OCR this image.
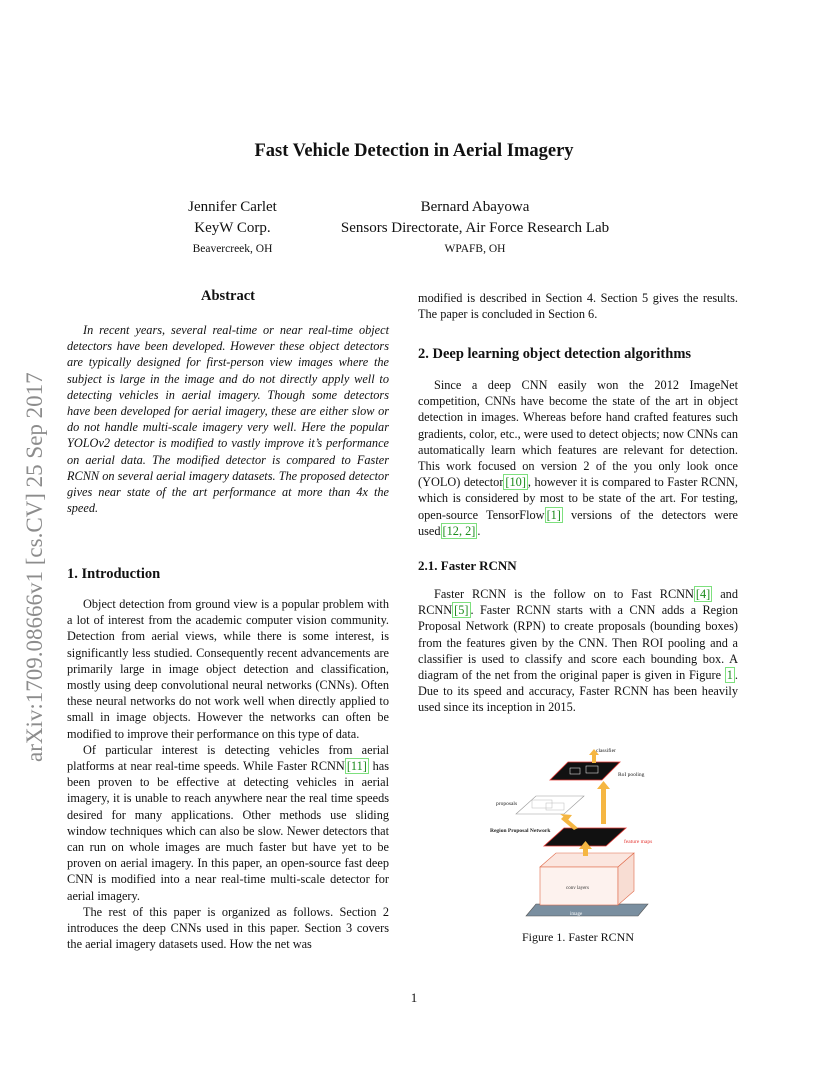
arXiv:1709.08666v1 [cs.CV] 25 Sep 2017
Fast Vehicle Detection in Aerial Imagery
Jennifer Carlet
KeyW Corp.
Beavercreek, OH
Bernard Abayowa
Sensors Directorate, Air Force Research Lab
WPAFB, OH
Abstract

In recent years, several real-time or near real-time object detectors have been developed. However these object detectors are typically designed for first-person view images where the subject is large in the image and do not directly apply well to detecting vehicles in aerial imagery. Though some detectors have been developed for aerial imagery, these are either slow or do not handle multi-scale imagery very well. Here the popular YOLOv2 detector is modified to vastly improve it’s performance on aerial data. The modified detector is compared to Faster RCNN on several aerial imagery datasets. The proposed detector gives near state of the art performance at more than 4x the speed.

1. Introduction

Object detection from ground view is a popular problem with a lot of interest from the academic computer vision community. Detection from aerial views, while there is some interest, is significantly less studied. Consequently recent advancements are primarily large in image object detection and classification, mostly using deep convolutional neural networks (CNNs). Often these neural networks do not work well when directly applied to small in image objects. However the networks can often be modified to improve their performance on this type of data.

Of particular interest is detecting vehicles from aerial platforms at near real-time speeds. While Faster RCNN [11] has been proven to be effective at detecting vehicles in aerial imagery, it is unable to reach anywhere near the real time speeds desired for many applications. Other methods use sliding window techniques which can also be slow. Newer detectors that can run on whole images are much faster but have yet to be proven on aerial imagery. In this paper, an open-source fast deep CNN is modified into a near real-time multi-scale detector for aerial imagery.

The rest of this paper is organized as follows. Section 2 introduces the deep CNNs used in this paper. Section 3 covers the aerial imagery datasets used. How the net was

modified is described in Section 4. Section 5 gives the results. The paper is concluded in Section 6.

2. Deep learning object detection algorithms

Since a deep CNN easily won the 2012 ImageNet competition, CNNs have become the state of the art in object detection in images. Whereas before hand crafted features such gradients, color, etc., were used to detect objects; now CNNs can automatically learn which features are relevant for detection. This work focused on version 2 of the you only look once (YOLO) detector [10] , however it is compared to Faster RCNN, which is considered by most to be state of the art. For testing, open-source TensorFlow [1] versions of the detectors were used [12, 2] .

2.1. Faster RCNN

Faster RCNN is the follow on to Fast RCNN [4] and RCNN [5] . Faster RCNN starts with a CNN adds a Region Proposal Network (RPN) to create proposals (bounding boxes) from the features given by the CNN. Then ROI pooling and a classifier is used to classify and score each bounding box. A diagram of the net from the original paper is given in Figure 1 . Due to its speed and accuracy, Faster RCNN has been heavily used since its inception in 2015.

image
conv layers
feature maps
Region Proposal Network
proposals
RoI pooling
classifier
Figure 1. Faster RCNN
1
